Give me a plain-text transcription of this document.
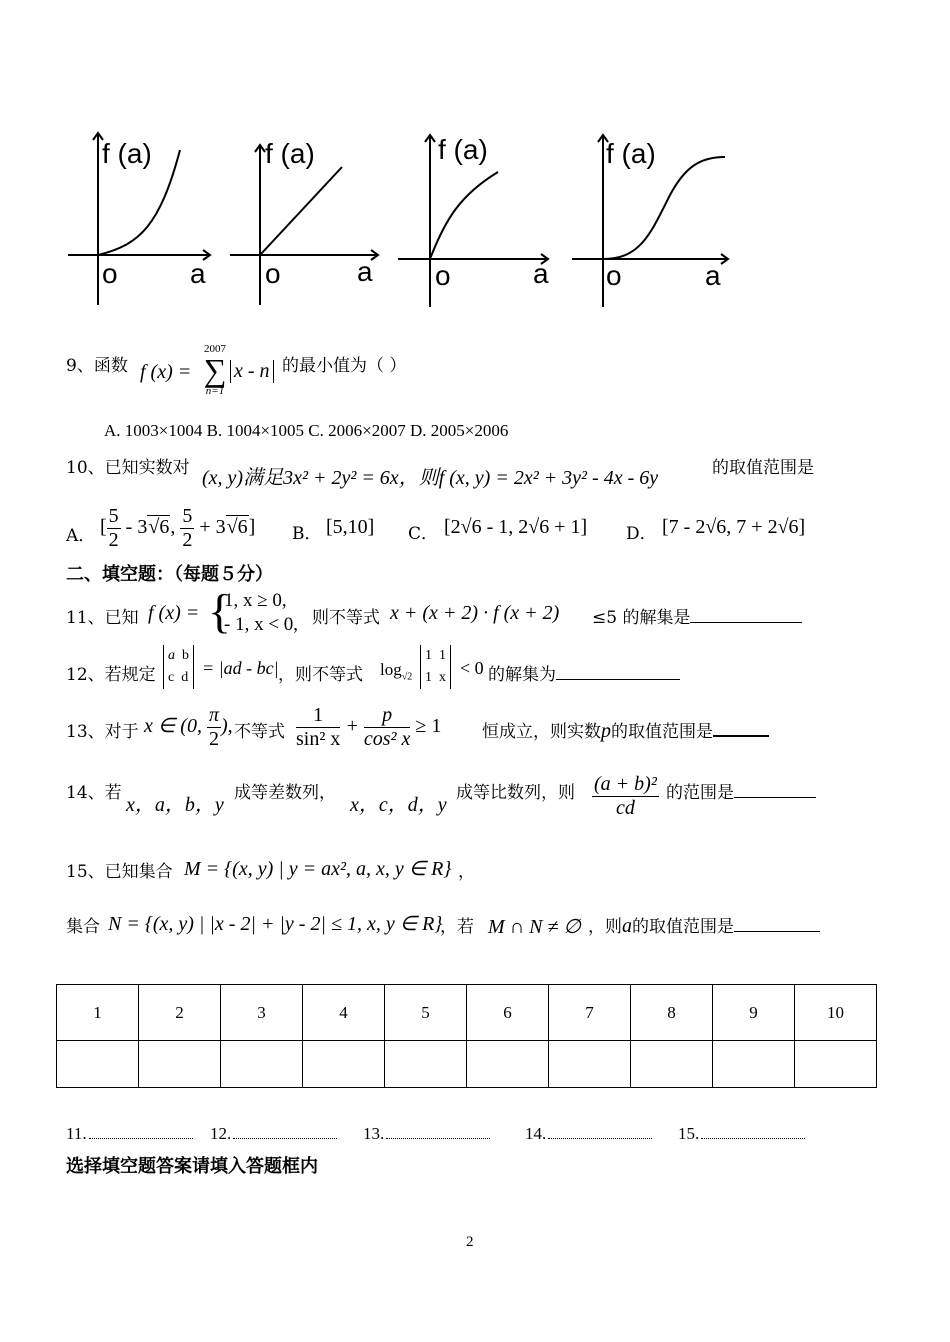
f (a)
o	a
f (a)
o	a
f (a)
o	a
f (a)
o	a
9、函数 f (x) =
2007
∑
n=1
x - n 的最小值为（ ）
A. 1003×1004 B. 1004×1005 C. 2006×2007 D. 2005×2006
10、已知实数对 (x, y)满足3x² + 2y² = 6x，则f (x, y) = 2x² + 3y² - 4x - 6y	的取值范围是
A． [ $\frac{5}{2} - 3√6$, $\frac{5}{2} + 3√6$] B． [5,10] C． [2√6 - 1, 2√6 + 1] D． [7 - 2√6, 7 + 2√6]
二、填空题：（每题５分）
11、已知 f (x) = {
1, x ≥ 0,
- 1, x < 0, 则不等式 x + (x + 2) · f (x + 2) ≤5 的解集是
12、若规定
a b
c d = |ad - bc| ，则不等式 $\log_{√2}$
1 1
1 x < 0 的解集为
13、对于 x ∈ (0, $\frac{\pi}{2}$ ), 不等式 $\frac{1}{\text{sin² x}} + \frac{p}{\text{cos² x}} \ge 1$ 恒成立，则实数p的取值范围是
14、若
x，a，b，y
成等差数列，
x，c，d，y
成等比数列，则 $\frac{\text{(a + b)²}}{cd}$ 的范围是
15、已知集合 M = {(x, y) | y = ax², a, x, y ∈ R} ，
集合 N = {(x, y) | |x - 2| + |y - 2| ≤ 1, x, y ∈ R}
，若 M ∩ N ≠ ∅ ，则a的取值范围是
1	2	3	4	5	6	7	8	9	10

11.	12.	13.	14.	15.
选择填空题答案请填入答题框内
2
